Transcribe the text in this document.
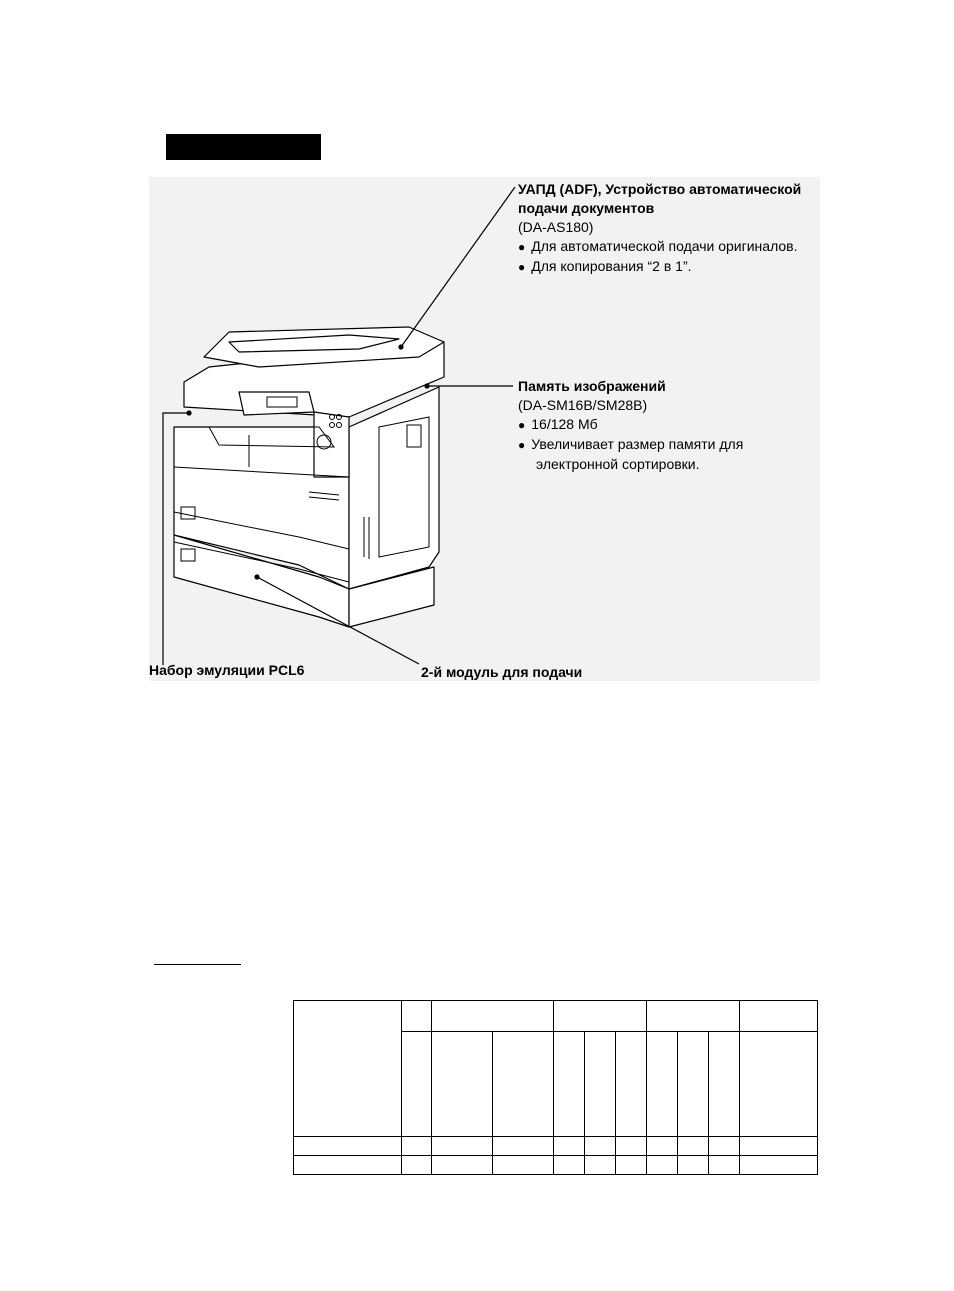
УАПД (ADF), Устройство автоматической
подачи документов
(DA-AS180)
● Для автоматической подачи оригиналов.
● Для копирования “2 в 1”.
Память изображений
(DA-SM16B/SM28B)
● 16/128 Мб
● Увеличивает размер памяти для
электронной сортировки.
Набор эмуляции PCL6	2-й модуль для подачи
